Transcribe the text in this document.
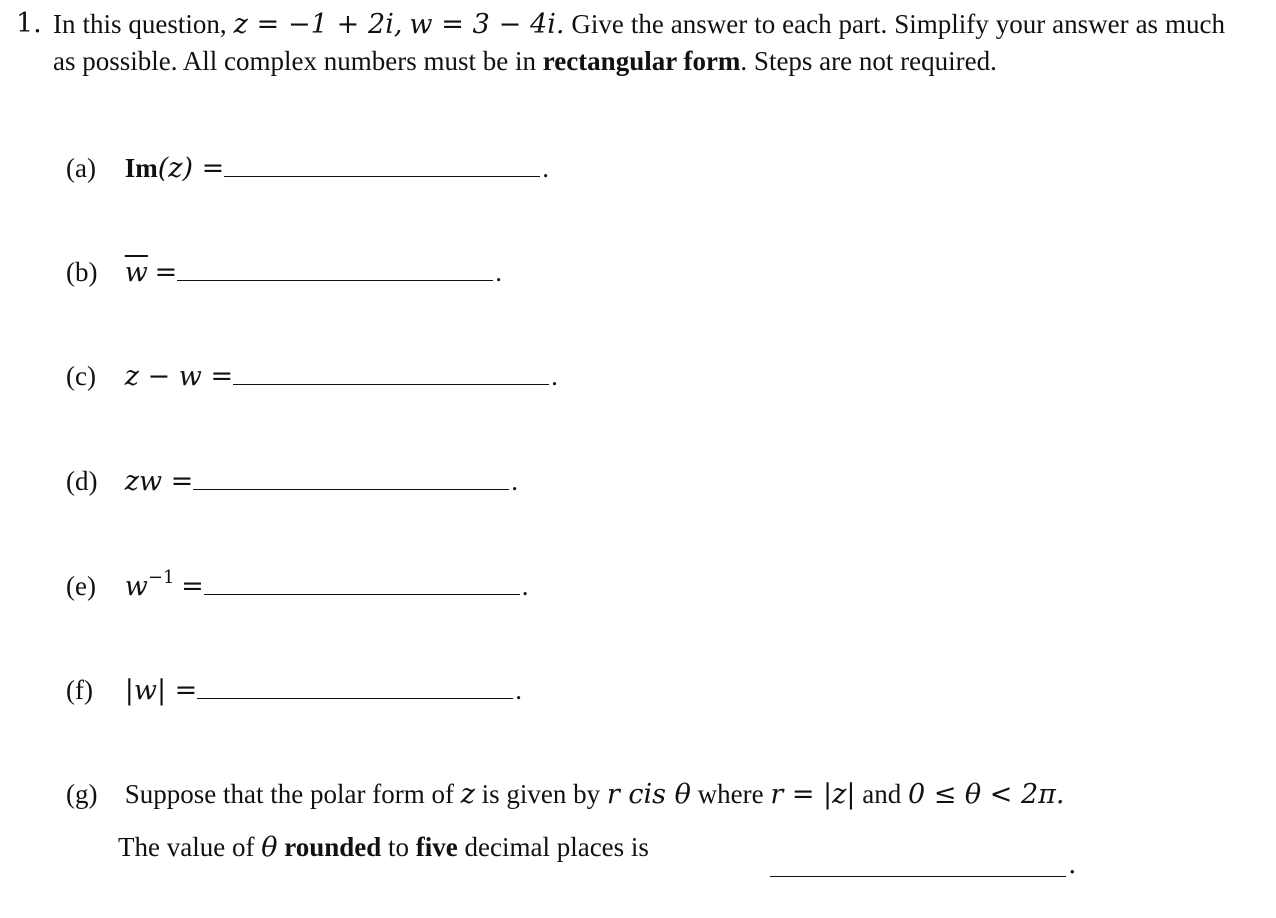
1. In this question, z = −1 + 2i, w = 3 − 4i. Give the answer to each part. Simplify your answer as much as possible. All complex numbers must be in rectangular form. Steps are not required.
(a) Im(z) =	.
(b) $\overline{w}$ =	.
(c) z − w =	.
(d) zw =	.
(e) $w^{-1}$ =	.
(f) |w| =	.
(g) Suppose that the polar form of z is given by r cis θ where r = |z| and 0 ≤ θ < 2π.
The value of θ rounded to five decimal places is
.
